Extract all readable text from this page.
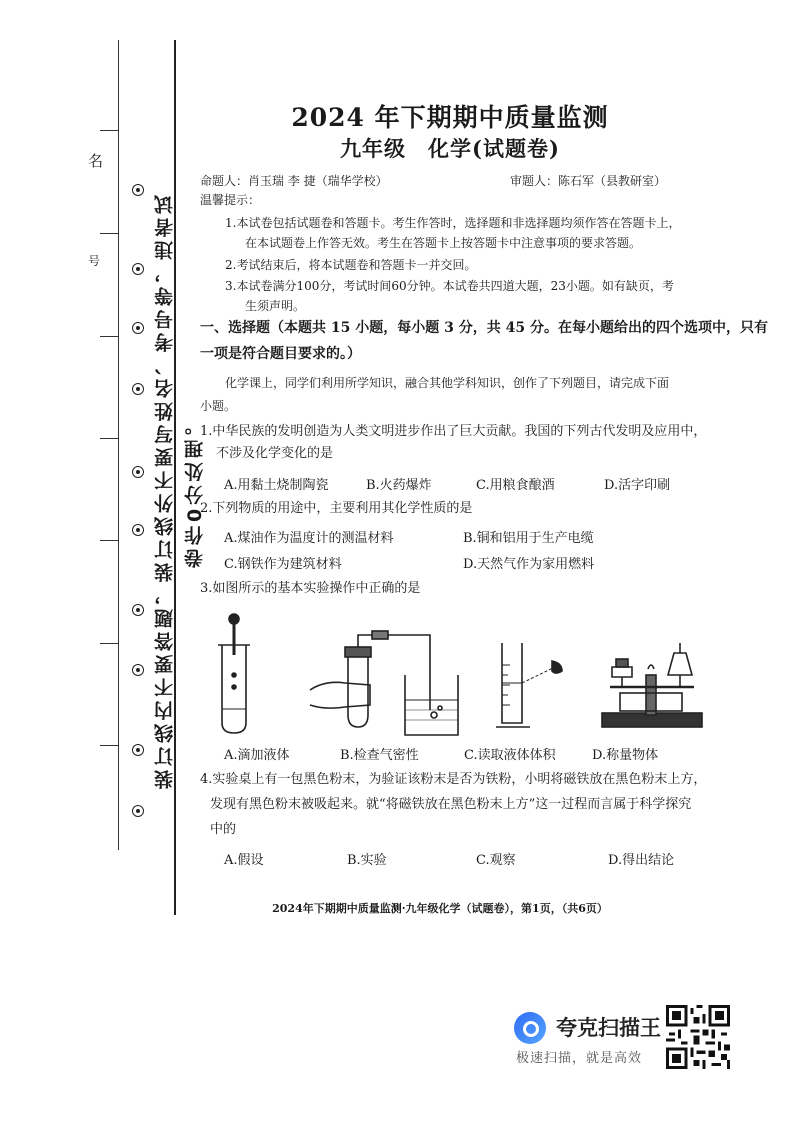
名
号	装订线内不要答题，装订线外不要写姓名、考号等，违者试卷作0分处理。
2024 年下期期中质量监测
九年级　化学(试题卷)
命题人：肖玉瑞 李 捷（瑞华学校）	审题人：陈石军（县教研室）
温馨提示：
1.本试卷包括试题卷和答题卡。考生作答时，选择题和非选择题均须作答在答题卡上，
在本试题卷上作答无效。考生在答题卡上按答题卡中注意事项的要求答题。
2.考试结束后，将本试题卷和答题卡一并交回。
3.本试卷满分100分，考试时间60分钟。本试卷共四道大题，23小题。如有缺页，考
生须声明。
一、选择题（本题共 15 小题，每小题 3 分，共 45 分。在每小题给出的四个选项中，只有
一项是符合题目要求的。）
化学课上，同学们利用所学知识，融合其他学科知识，创作了下列题目，请完成下面
小题。
1.中华民族的发明创造为人类文明进步作出了巨大贡献。我国的下列古代发明及应用中，
不涉及化学变化的是
A.用黏土烧制陶瓷	B.火药爆炸	C.用粮食酿酒	D.活字印刷
2.下列物质的用途中，主要利用其化学性质的是
A.煤油作为温度计的测温材料	B.铜和铝用于生产电缆
C.钢铁作为建筑材料	D.天然气作为家用燃料
3.如图所示的基本实验操作中正确的是
A.滴加液体	B.检查气密性	C.读取液体体积	D.称量物体
4.实验桌上有一包黑色粉末，为验证该粉末是否为铁粉，小明将磁铁放在黑色粉末上方，
发现有黑色粉末被吸起来。就“将磁铁放在黑色粉末上方”这一过程而言属于科学探究
中的
A.假设	B.实验	C.观察	D.得出结论
2024年下期期中质量监测·九年级化学（试题卷），第1页，（共6页）
夸克扫描王
极速扫描，就是高效
